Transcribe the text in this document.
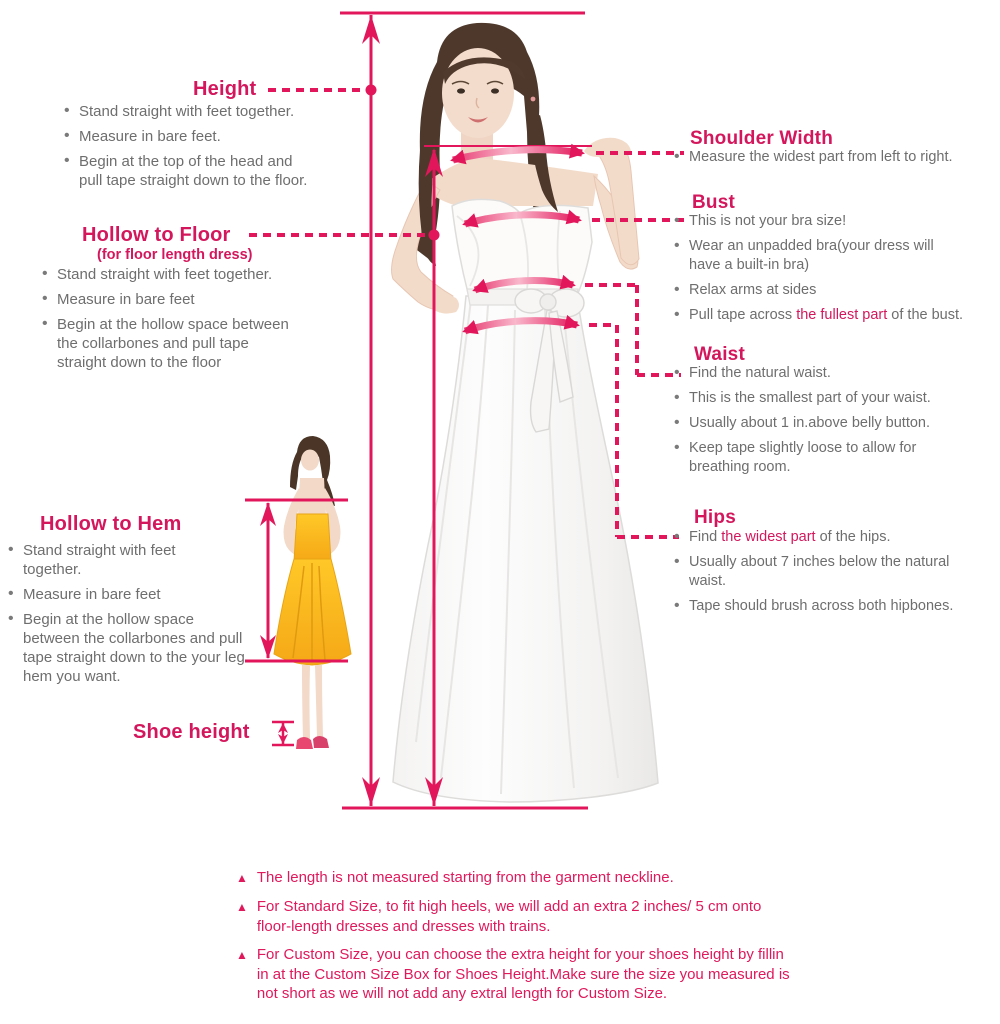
Height
• Stand straight with feet together.
• Measure in bare feet.
• Begin at the top of the head and
pull tape straight down to the floor.
Hollow to Floor
(for floor length dress)
• Stand straight with feet together.
• Measure in bare feet
• Begin at the hollow space between
the collarbones and pull tape
straight down to the floor
Hollow to Hem
• Stand straight with feet
together.
• Measure in bare feet
• Begin at the hollow space
between the collarbones and pull
tape straight down to the your leg
hem you want.
Shoe height
Shoulder Width
• Measure the widest part from left to right.
Bust
• This is not your bra size!
• Wear an unpadded bra(your dress will
have a built-in bra)
• Relax arms at sides
• Pull tape across the fullest part of the bust.
Waist
• Find the natural waist.
• This is the smallest part of your waist.
• Usually about 1 in.above belly button.
• Keep tape slightly loose to allow for
breathing room.
Hips
• Find the widest part of the hips.
• Usually about 7 inches below the natural
waist.
• Tape should brush across both hipbones.
▲ The length is not measured starting from the garment neckline.
▲ For Standard Size, to fit high heels, we will add an extra 2 inches/ 5 cm onto
floor-length dresses and dresses with trains.
▲ For Custom Size, you can choose the extra height for your shoes height by fillin
in at the Custom Size Box for Shoes Height.Make sure the size you measured is
not short as we will not add any extral length for Custom Size.
